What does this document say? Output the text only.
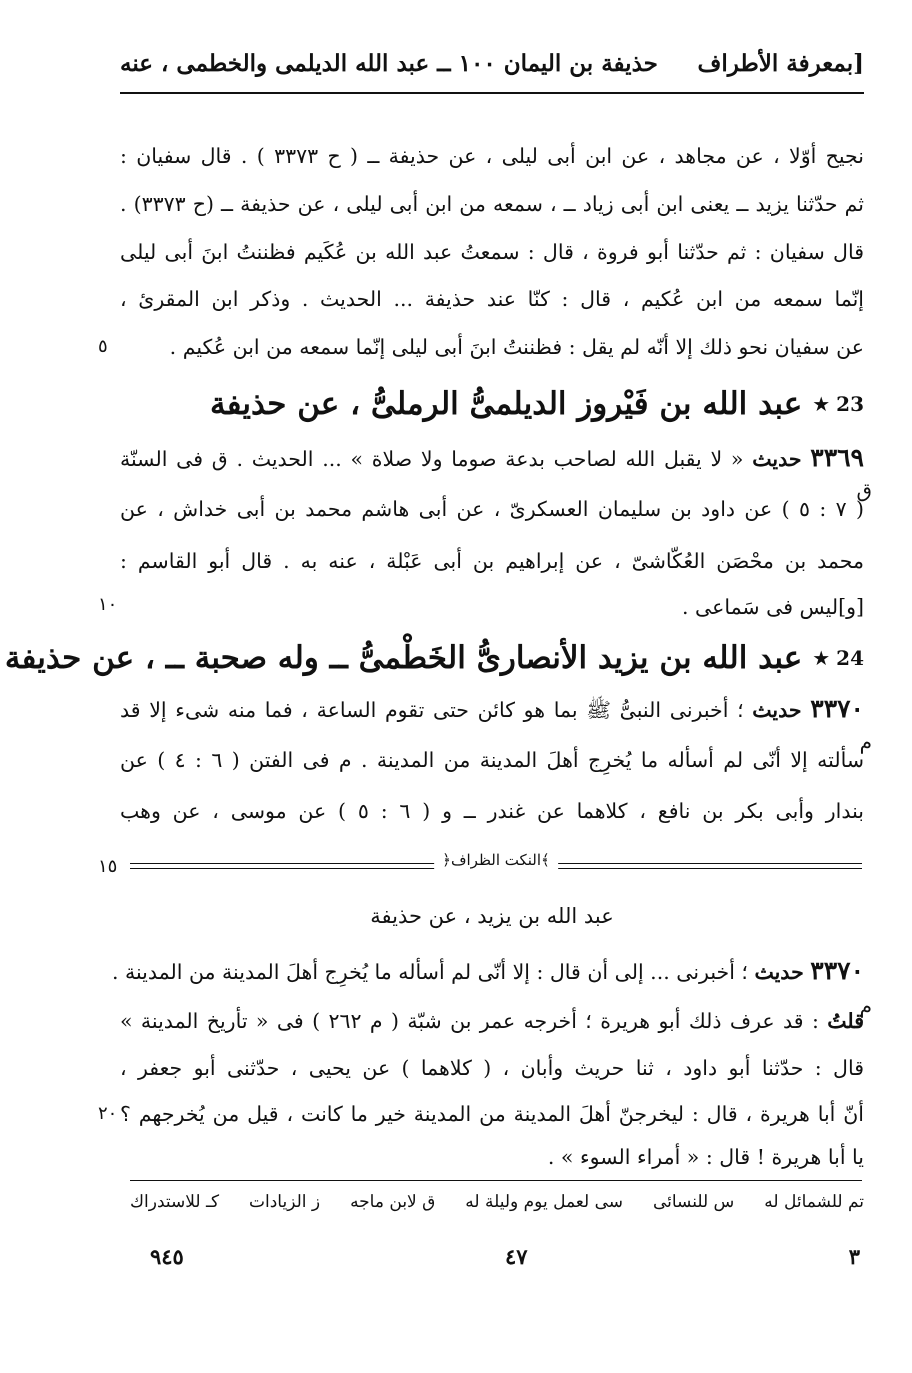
بمعرفة الأطراف]
حذيفة بن اليمان ١٠٠ ــ عبد الله الديلمى والخطمى ، عنه
نجيح أوّلا ، عن مجاهد ، عن ابن أبى ليلى ، عن حذيفة ــ ( ح ٣٣٧٣ ) . قال سفيان :
ثم حدّثنا يزيد ــ يعنى ابن أبى زياد ــ ، سمعه من ابن أبى ليلى ، عن حذيفة ــ (ح ٣٣٧٣) .
قال سفيان : ثم حدّثنا أبو فروة ، قال : سمعتُ عبد الله بن عُكَيم فظننتُ ابنَ أبى ليلى
إنّما سمعه من ابن عُكيم ، قال : كنّا عند حذيفة ... الحديث . وذكر ابن المقرئ ،
عن سفيان نحو ذلك إلا أنّه لم يقل : فظننتُ ابنَ أبى ليلى إنّما سمعه من ابن عُكيم .
٥
23
★
عبد الله بن فَيْروز الديلمىُّ الرملىُّ ، عن حذيفة
٣٣٦٩ حديث « لا يقبل الله لصاحب بدعة صوما ولا صلاة » ... الحديث . ق فى السنّة
ق
( ٧ : ٥ ) عن داود بن سليمان العسكرىّ ، عن أبى هاشم محمد بن أبى خداش ، عن
محمد بن محْصَن العُكّاشىّ ، عن إبراهيم بن أبى عَبْلة ، عنه به . قال أبو القاسم :
[و]ليس فى سَماعى .
١٠
24
★
عبد الله بن يزيد الأنصارىُّ الخَطْمىُّ ــ وله صحبة ــ ، عن حذيفة
٣٣٧٠ حديث ؛ أخبرنى النبىُّ ﷺ بما هو كائن حتى تقوم الساعة ، فما منه شىء إلا قد
م
سألته إلا أنّى لم أسأله ما يُخرِج أهلَ المدينة من المدينة . م فى الفتن ( ٦ : ٤ ) عن
بندار وأبى بكر بن نافع ، كلاهما عن غندر ــ و ( ٦ : ٥ ) عن موسى ، عن وهب
﴿النكت الظراف﴾
١٥
عبد الله بن يزيد ، عن حذيفة
٣٣٧٠ حديث ؛ أخبرنى ... إلى أن قال : إلا أنّى لم أسأله ما يُخرِج أهلَ المدينة من المدينة .
م
قلتُ : قد عرف ذلك أبو هريرة ؛ أخرجه عمر بن شبّة ( م ٢٦٢ ) فى « تأريخ المدينة »
قال : حدّثنا أبو داود ، ثنا حريث وأبان ، ( كلاهما ) عن يحيى ، حدّثنى أبو جعفر ،
أنّ أبا هريرة ، قال : ليخرجنّ أهلَ المدينة من المدينة خير ما كانت ، قيل من يُخرجهم ؟
٢٠
يا أبا هريرة ! قال : « أمراء السوء » .
تم للشمائل له
س للنسائى
سى لعمل يوم وليلة له
ق لابن ماجه
ز الزيادات
كـ للاستدراك
٩٤٥	٤٧	٣
